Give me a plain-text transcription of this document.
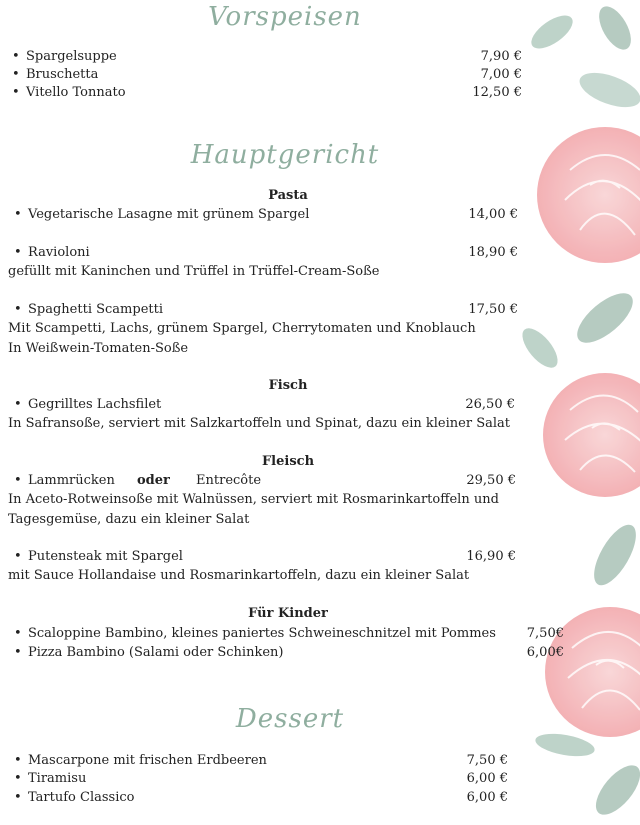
Vorspeisen
• Spargelsuppe	7,90 €
• Bruschetta	7,00 €
• Vitello Tonnato	12,50 €
Hauptgericht
Pasta
• Vegetarische Lasagne mit grünem Spargel	14,00 €
• Ravioloni	18,90 €
gefüllt mit Kaninchen und Trüffel in Trüffel-Cream-Soße
• Spaghetti Scampetti	17,50 €
Mit Scampetti, Lachs, grünem Spargel, Cherrytomaten und Knoblauch
In Weißwein-Tomaten-Soße
Fisch
• Gegrilltes Lachsfilet	26,50 €
In Safransoße, serviert mit Salzkartoffeln und Spinat, dazu ein kleiner Salat
Fleisch
• Lammrücken oder Entrecôte	29,50 €
In Aceto-Rotweinsoße mit Walnüssen, serviert mit Rosmarinkartoffeln und
Tagesgemüse, dazu ein kleiner Salat
• Putensteak mit Spargel	16,90 €
mit Sauce Hollandaise und Rosmarinkartoffeln, dazu ein kleiner Salat
Für Kinder
• Scaloppine Bambino, kleines paniertes Schweineschnitzel mit Pommes	7,50€
• Pizza Bambino (Salami oder Schinken)	6,00€
Dessert
• Mascarpone mit frischen Erdbeeren	7,50 €
• Tiramisu	6,00 €
• Tartufo Classico	6,00 €
